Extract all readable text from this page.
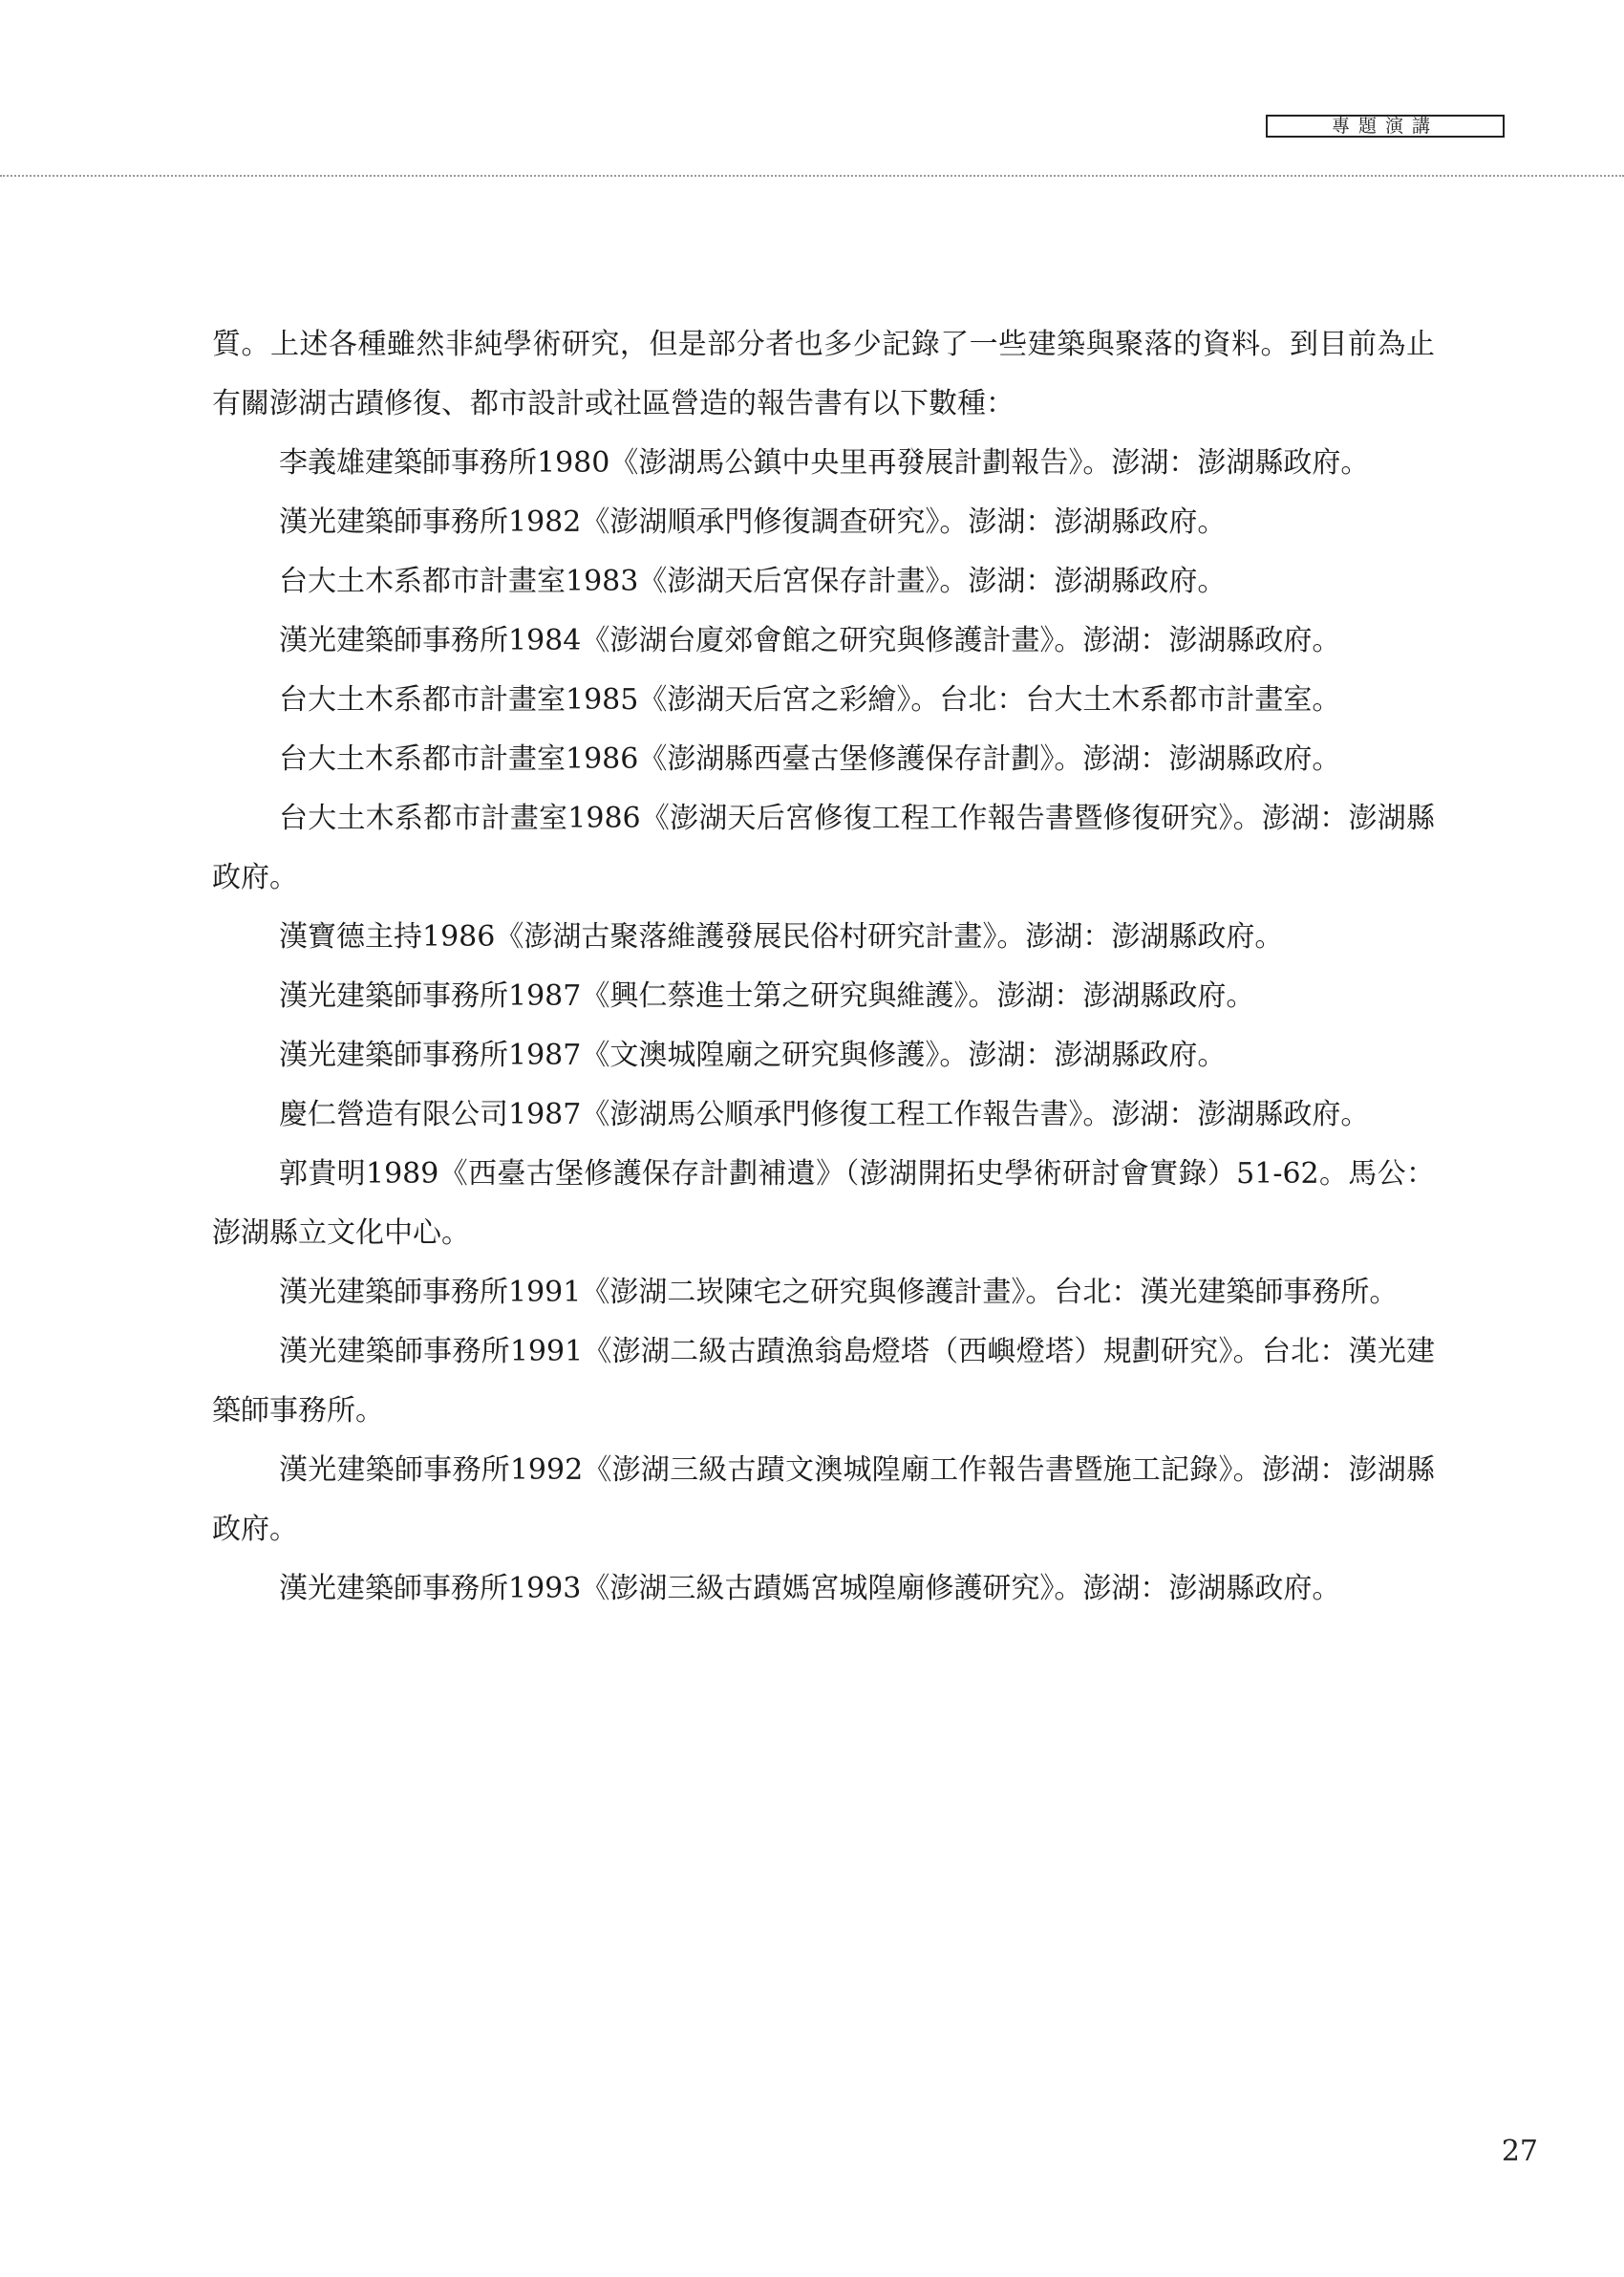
專題演講

質。上述各種雖然非純學術研究，但是部分者也多少記錄了一些建築與聚落的資料。到目前為止有關澎湖古蹟修復、都市設計或社區營造的報告書有以下數種：

李義雄建築師事務所1980《澎湖馬公鎮中央里再發展計劃報告》。澎湖：澎湖縣政府。

漢光建築師事務所1982《澎湖順承門修復調查研究》。澎湖：澎湖縣政府。

台大土木系都市計畫室1983《澎湖天后宮保存計畫》。澎湖：澎湖縣政府。

漢光建築師事務所1984《澎湖台廈郊會館之研究與修護計畫》。澎湖：澎湖縣政府。

台大土木系都市計畫室1985《澎湖天后宮之彩繪》。台北：台大土木系都市計畫室。

台大土木系都市計畫室1986《澎湖縣西臺古堡修護保存計劃》。澎湖：澎湖縣政府。

台大土木系都市計畫室1986《澎湖天后宮修復工程工作報告書暨修復研究》。澎湖：澎湖縣政府。

漢寶德主持1986《澎湖古聚落維護發展民俗村研究計畫》。澎湖：澎湖縣政府。

漢光建築師事務所1987《興仁蔡進士第之研究與維護》。澎湖：澎湖縣政府。

漢光建築師事務所1987《文澳城隍廟之研究與修護》。澎湖：澎湖縣政府。

慶仁營造有限公司1987《澎湖馬公順承門修復工程工作報告書》。澎湖：澎湖縣政府。

郭貴明1989《西臺古堡修護保存計劃補遺》（澎湖開拓史學術研討會實錄）51-62。馬公：澎湖縣立文化中心。

漢光建築師事務所1991《澎湖二崁陳宅之研究與修護計畫》。台北：漢光建築師事務所。

漢光建築師事務所1991《澎湖二級古蹟漁翁島燈塔（西嶼燈塔）規劃研究》。台北：漢光建築師事務所。

漢光建築師事務所1992《澎湖三級古蹟文澳城隍廟工作報告書暨施工記錄》。澎湖：澎湖縣政府。

漢光建築師事務所1993《澎湖三級古蹟媽宮城隍廟修護研究》。澎湖：澎湖縣政府。

27
